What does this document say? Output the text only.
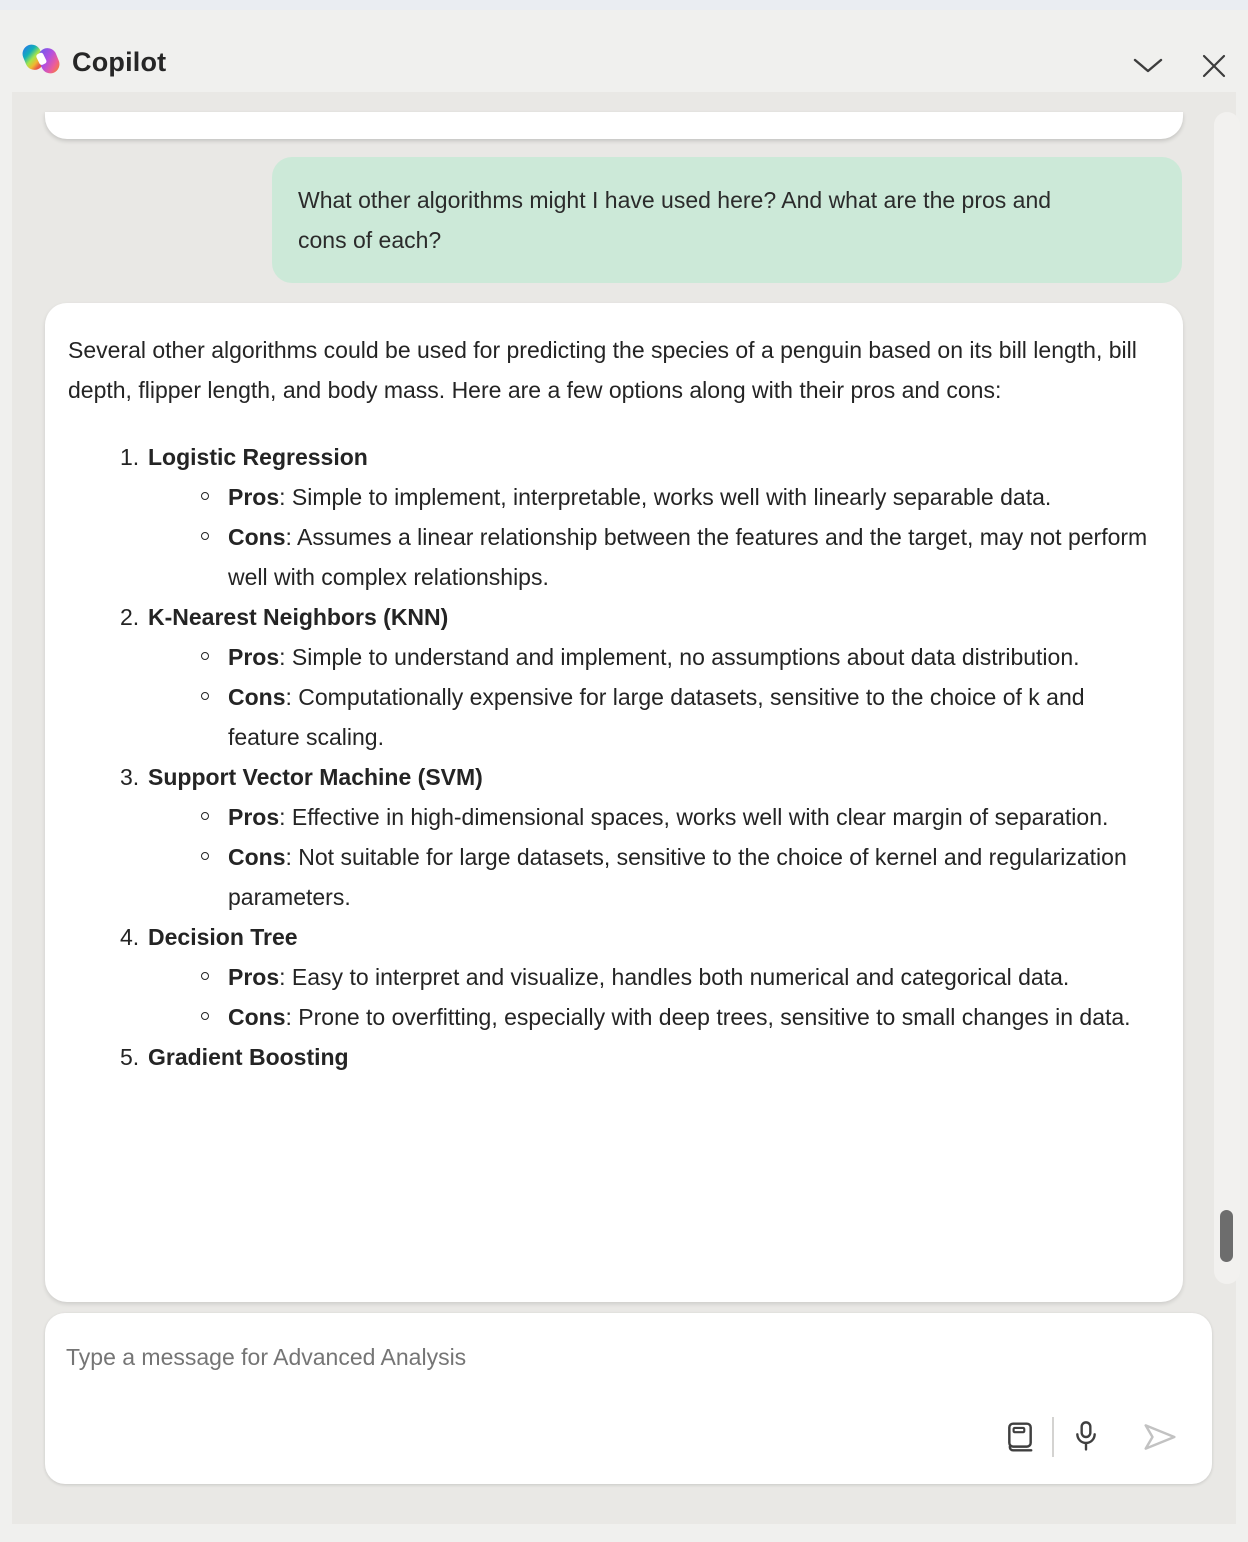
Copilot
What other algorithms might I have used here? And what are the pros and cons of each?

Several other algorithms could be used for predicting the species of a penguin based on its bill length, bill depth, flipper length, and body mass. Here are a few options along with their pros and cons:

1. Logistic Regression
Pros: Simple to implement, interpretable, works well with linearly separable data.
Cons: Assumes a linear relationship between the features and the target, may not perform well with complex relationships.
2. K-Nearest Neighbors (KNN)
Pros: Simple to understand and implement, no assumptions about data distribution.
Cons: Computationally expensive for large datasets, sensitive to the choice of k and feature scaling.
3. Support Vector Machine (SVM)
Pros: Effective in high-dimensional spaces, works well with clear margin of separation.
Cons: Not suitable for large datasets, sensitive to the choice of kernel and regularization parameters.
4. Decision Tree
Pros: Easy to interpret and visualize, handles both numerical and categorical data.
Cons: Prone to overfitting, especially with deep trees, sensitive to small changes in data.
5. Gradient Boosting
Type a message for Advanced Analysis
